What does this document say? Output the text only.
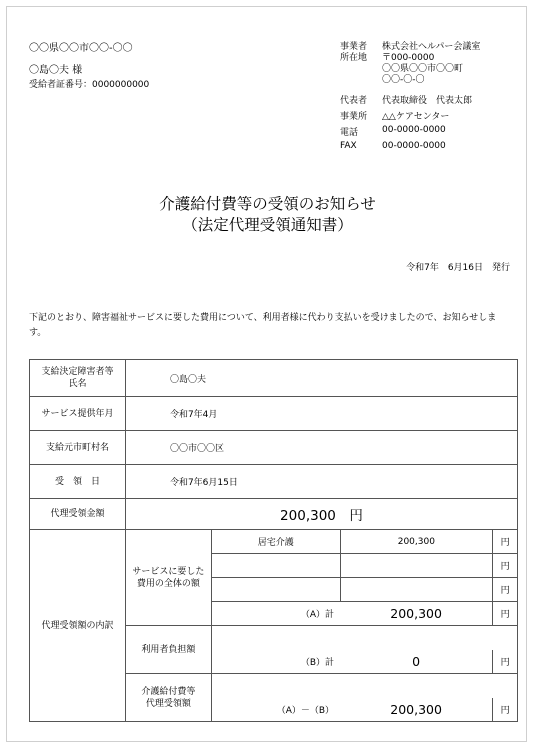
〇〇県〇〇市〇〇-〇〇
〇島〇夫 様
受給者証番号：0000000000
事業者 株式会社ヘルパー会議室
所在地 〒000-0000
〇〇県〇〇市〇〇町
〇〇-〇-〇
代表者 代表取締役　代表太郎
事業所 △△ケアセンター
電話	00-0000-0000
FAX	00-0000-0000
介護給付費等の受領のお知らせ
（法定代理受領通知書）
令和7年　6月16日　発行
下記のとおり、障害福祉サービスに要した費用について、利用者様に代わり支払いを受けましたので、お知らせします。
支給決定障害者等
氏名	〇島〇夫			
サービス提供年月	令和7年4月			
支給元市町村名	〇〇市〇〇区			
受　領　日	令和7年6月15日			
代理受領金額	200,300　円			
代理受領額の内訳	サービスに要した
費用の全体の額	居宅介護	200,300	円
				円
				円
		（A）計	200,300	円
	利用者負担額			
		（B）計	0	円
	介護給付費等
代理受領額			
		（A）－（B）	200,300	円
